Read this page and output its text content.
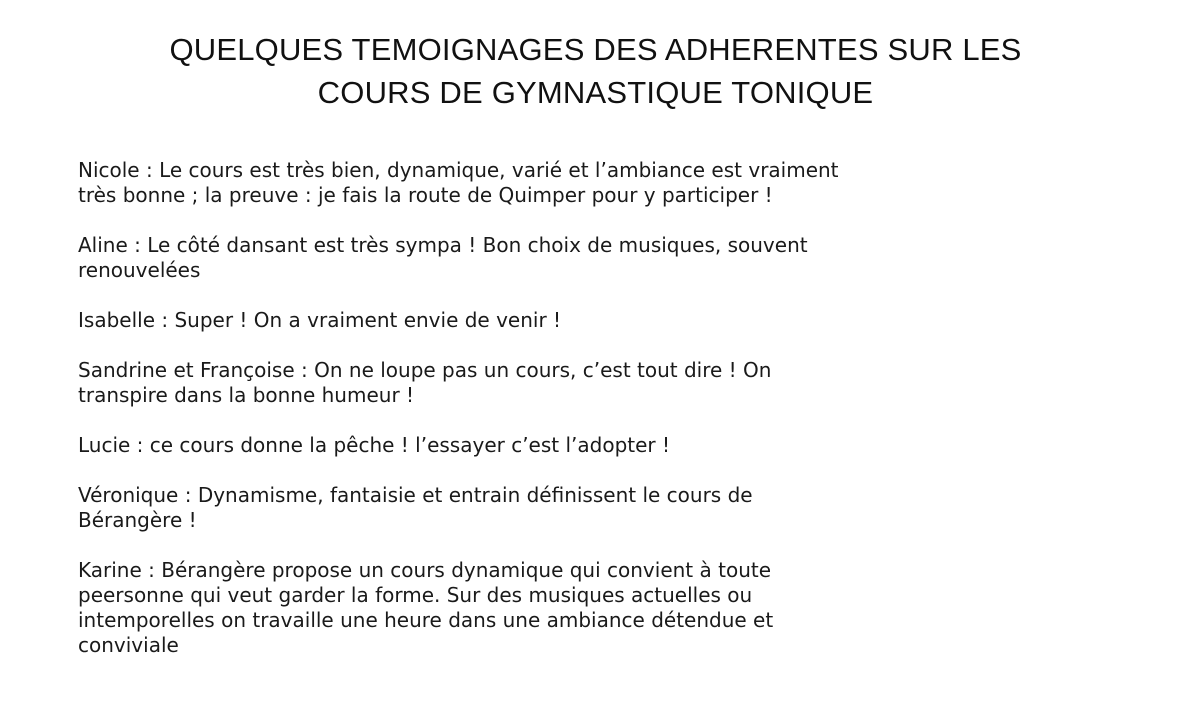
QUELQUES TEMOIGNAGES DES ADHERENTES SUR LES
COURS DE GYMNASTIQUE TONIQUE
Nicole : Le cours est très bien, dynamique, varié et l’ambiance est vraiment
très bonne ; la preuve : je fais la route de Quimper pour y participer !
Aline : Le côté dansant est très sympa ! Bon choix de musiques, souvent
renouvelées
Isabelle : Super ! On a vraiment envie de venir !
Sandrine et Françoise : On ne loupe pas un cours, c’est tout dire ! On
transpire dans la bonne humeur !
Lucie : ce cours donne la pêche ! l’essayer c’est l’adopter !
Véronique : Dynamisme, fantaisie et entrain définissent le cours de
Bérangère !
Karine : Bérangère propose un cours dynamique qui convient à toute
peersonne qui veut garder la forme. Sur des musiques actuelles ou
intemporelles on travaille une heure dans une ambiance détendue et
conviviale
